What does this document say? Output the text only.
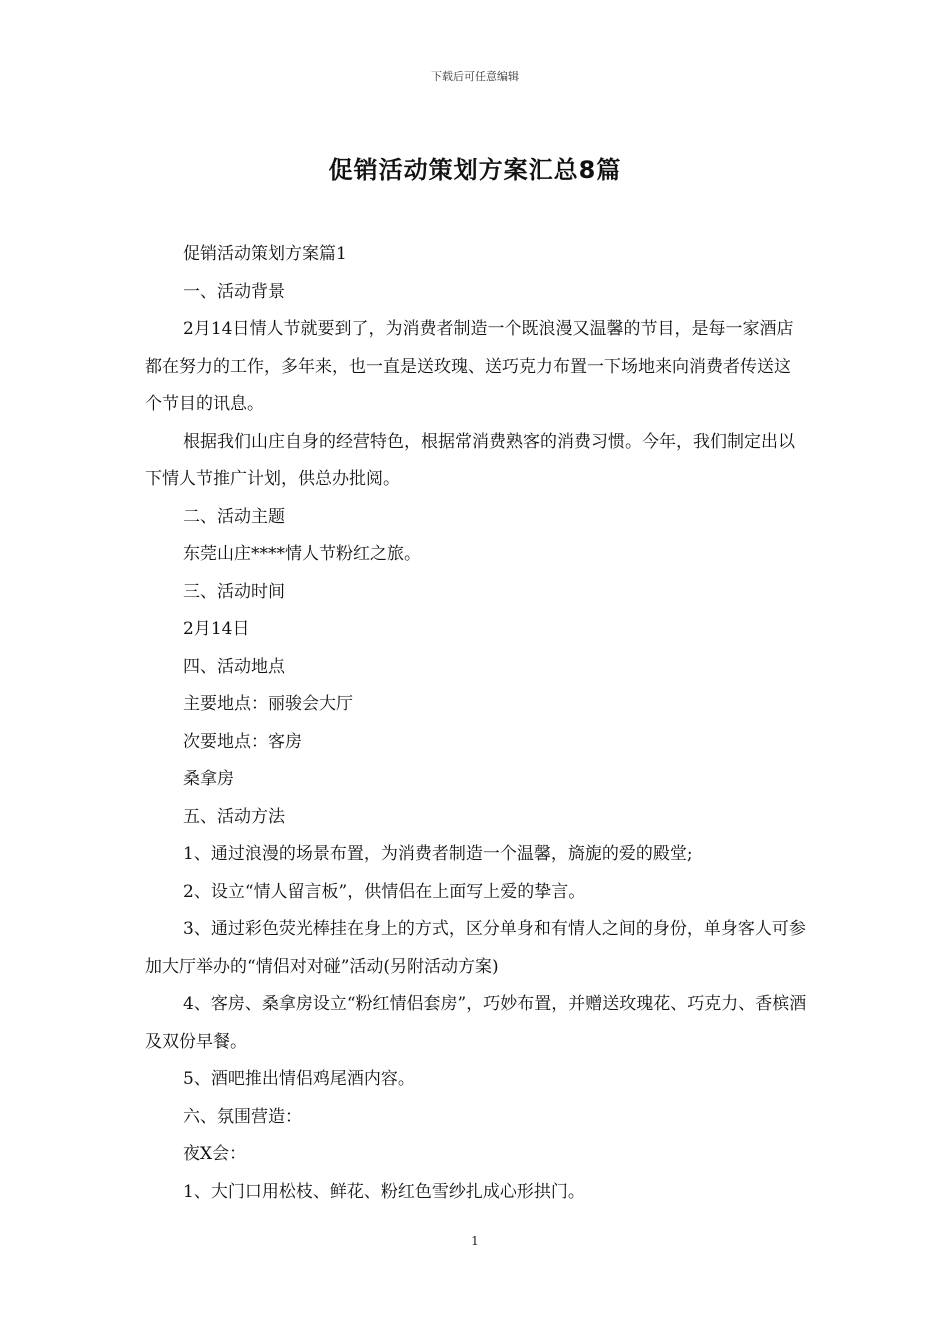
下载后可任意编辑
促销活动策划方案汇总8篇

促销活动策划方案篇1

一、活动背景

2月14日情人节就要到了，为消费者制造一个既浪漫又温馨的节目，是每一家酒店都在努力的工作，多年来，也一直是送玫瑰、送巧克力布置一下场地来向消费者传送这个节目的讯息。

根据我们山庄自身的经营特色，根据常消费熟客的消费习惯。今年，我们制定出以下情人节推广计划，供总办批阅。

二、活动主题

东莞山庄****情人节粉红之旅。

三、活动时间

2月14日

四、活动地点

主要地点：丽骏会大厅

次要地点：客房

桑拿房

五、活动方法

1、通过浪漫的场景布置，为消费者制造一个温馨，旖旎的爱的殿堂;

2、设立“情人留言板”，供情侣在上面写上爱的挚言。

3、通过彩色荧光棒挂在身上的方式，区分单身和有情人之间的身份，单身客人可参加大厅举办的“情侣对对碰”活动(另附活动方案)

4、客房、桑拿房设立“粉红情侣套房”，巧妙布置，并赠送玫瑰花、巧克力、香槟酒及双份早餐。

5、酒吧推出情侣鸡尾酒内容。

六、氛围营造：

夜X会：

1、大门口用松枝、鲜花、粉红色雪纱扎成心形拱门。

1
